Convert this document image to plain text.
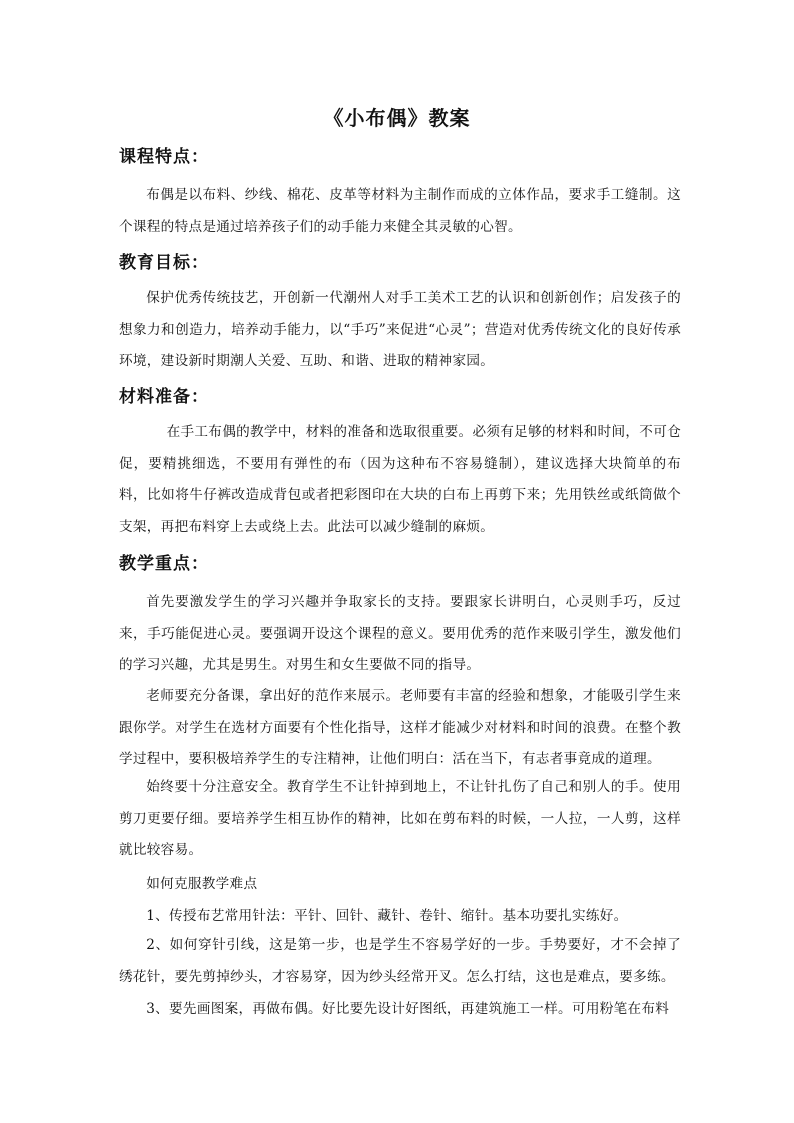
《小布偶》教案
课程特点：
布偶是以布料、纱线、棉花、皮革等材料为主制作而成的立体作品，要求手工缝制。这个课程的特点是通过培养孩子们的动手能力来健全其灵敏的心智。
教育目标：
保护优秀传统技艺，开创新一代潮州人对手工美术工艺的认识和创新创作；启发孩子的想象力和创造力，培养动手能力，以“手巧”来促进“心灵”；营造对优秀传统文化的良好传承环境，建设新时期潮人关爱、互助、和谐、进取的精神家园。
材料准备：
在手工布偶的教学中，材料的准备和选取很重要。必须有足够的材料和时间，不可仓促，要精挑细选，不要用有弹性的布（因为这种布不容易缝制），建议选择大块简单的布料，比如将牛仔裤改造成背包或者把彩图印在大块的白布上再剪下来；先用铁丝或纸筒做个支架，再把布料穿上去或绕上去。此法可以减少缝制的麻烦。
教学重点：
首先要激发学生的学习兴趣并争取家长的支持。要跟家长讲明白，心灵则手巧，反过来，手巧能促进心灵。要强调开设这个课程的意义。要用优秀的范作来吸引学生，激发他们的学习兴趣，尤其是男生。对男生和女生要做不同的指导。
老师要充分备课，拿出好的范作来展示。老师要有丰富的经验和想象，才能吸引学生来跟你学。对学生在选材方面要有个性化指导，这样才能减少对材料和时间的浪费。在整个教学过程中，要积极培养学生的专注精神，让他们明白：活在当下，有志者事竟成的道理。
始终要十分注意安全。教育学生不让针掉到地上，不让针扎伤了自己和别人的手。使用剪刀更要仔细。要培养学生相互协作的精神，比如在剪布料的时候，一人拉，一人剪，这样就比较容易。
如何克服教学难点
1、传授布艺常用针法：平针、回针、藏针、卷针、缩针。基本功要扎实练好。
2、如何穿针引线，这是第一步，也是学生不容易学好的一步。手势要好，才不会掉了绣花针，要先剪掉纱头，才容易穿，因为纱头经常开叉。怎么打结，这也是难点，要多练。
3、要先画图案，再做布偶。好比要先设计好图纸，再建筑施工一样。可用粉笔在布料
